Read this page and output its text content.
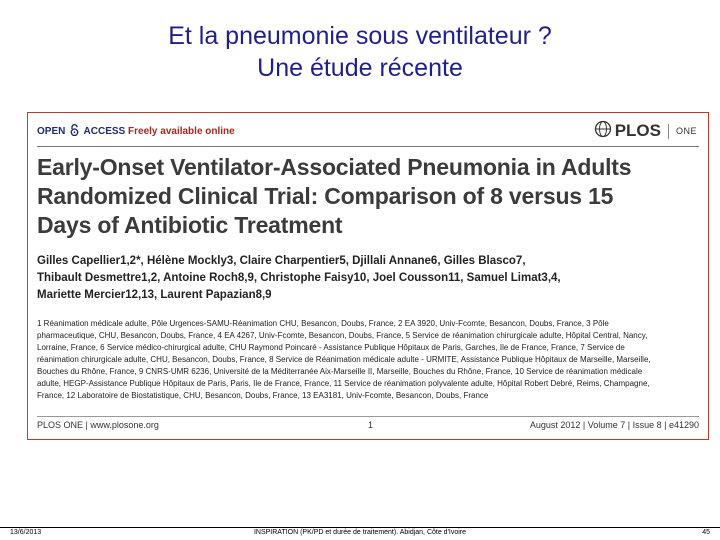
Et la pneumonie sous ventilateur ?
Une étude récente
OPEN ACCESS Freely available online	PLOS ONE
Early-Onset Ventilator-Associated Pneumonia in Adults
Randomized Clinical Trial: Comparison of 8 versus 15
Days of Antibiotic Treatment
Gilles Capellier1,2*, Hélène Mockly3, Claire Charpentier5, Djillali Annane6, Gilles Blasco7,
Thibault Desmettre1,2, Antoine Roch8,9, Christophe Faisy10, Joel Cousson11, Samuel Limat3,4,
Mariette Mercier12,13, Laurent Papazian8,9
1 Réanimation médicale adulte, Pôle Urgences-SAMU-Réanimation CHU, Besancon, Doubs, France, 2 EA 3920, Univ-Fcomte, Besancon, Doubs, France, 3 Pôle
pharmaceutique, CHU, Besancon, Doubs, France, 4 EA 4267, Univ-Fcomte, Besancon, Doubs, France, 5 Service de réanimation chirurgicale adulte, Hôpital Central, Nancy,
Lorraine, France, 6 Service médico-chirurgical adulte, CHU Raymond Poincaré - Assistance Publique Hôpitaux de Paris, Garches, Ile de France, France, 7 Service de
réanimation chirurgicale adulte, CHU, Besancon, Doubs, France, 8 Service de Réanimation médicale adulte - URMITE, Assistance Publique Hôpitaux de Marseille, Marseille,
Bouches du Rhône, France, 9 CNRS-UMR 6236, Université de la Méditerranée Aix-Marseille II, Marseille, Bouches du Rhône, France, 10 Service de réanimation médicale
adulte, HEGP-Assistance Publique Hôpitaux de Paris, Paris, Ile de France, France, 11 Service de réanimation polyvalente adulte, Hôpital Robert Debré, Reims, Champagne,
France, 12 Laboratoire de Biostatistique, CHU, Besancon, Doubs, France, 13 EA3181, Univ-Fcomte, Besancon, Doubs, France
PLOS ONE | www.plosone.org	1	August 2012 | Volume 7 | Issue 8 | e41290
13/6/2013	INSPIRATION (PK/PD et durée de traitement). Abidjan, Côte d'Ivoire	45
